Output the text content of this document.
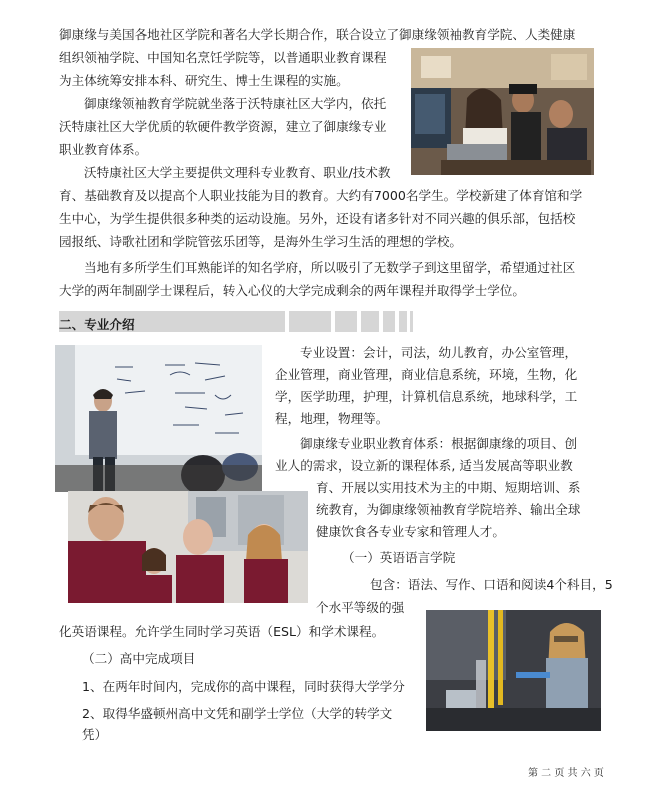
御康缘与美国各地社区学院和著名大学长期合作，联合设立了御康缘领袖教育学院、人类健康
组织领袖学院、中国知名烹饪学院等，以普通职业教育课程
为主体统筹安排本科、研究生、博士生课程的实施。
御康缘领袖教育学院就坐落于沃特康社区大学内，依托
沃特康社区大学优质的软硬件教学资源，建立了御康缘专业
职业教育体系。
沃特康社区大学主要提供文理科专业教育、职业/技术教
育、基础教育及以提高个人职业技能为目的教育。大约有7000名学生。学校新建了体育馆和学
生中心，为学生提供很多种类的运动设施。另外，还设有诸多针对不同兴趣的俱乐部，包括校
园报纸、诗歌社团和学院管弦乐团等，是海外生学习生活的理想的学校。
当地有多所学生们耳熟能详的知名学府，所以吸引了无数学子到这里留学，希望通过社区
大学的两年制副学士课程后，转入心仪的大学完成剩余的两年课程并取得学士学位。
二、专业介绍
专业设置：会计，司法，幼儿教育，办公室管理，
企业管理，商业管理，商业信息系统，环境，生物，化
学，医学助理，护理，计算机信息系统，地球科学，工
程，地理，物理等。
御康缘专业职业教育体系：根据御康缘的项目、创
业人的需求，设立新的课程体系, 适当发展高等职业教
育、开展以实用技术为主的中期、短期培训、系
统教育，为御康缘领袖教育学院培养、输出全球
健康饮食各专业专家和管理人才。
（一）英语语言学院
包含：语法、写作、口语和阅读4个科目，5
个水平等级的强
化英语课程。允许学生同时学习英语（ESL）和学术课程。
（二）高中完成项目
1、在两年时间内，完成你的高中课程，同时获得大学学分
2、取得华盛顿州高中文凭和副学士学位（大学的转学文
凭）
第 二 页 共 六 页
